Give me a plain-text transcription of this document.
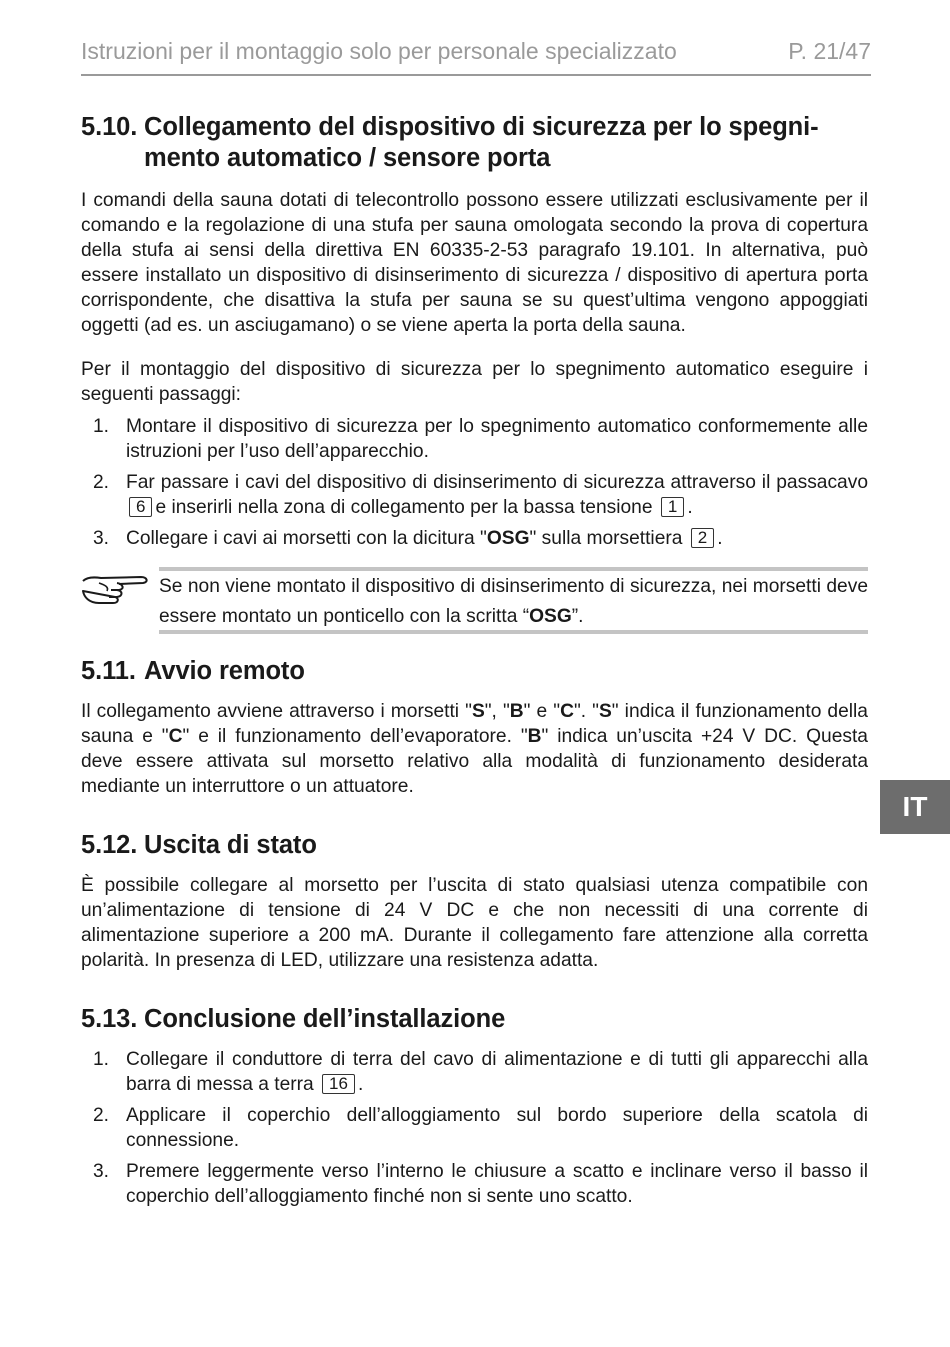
Istruzioni per il montaggio solo per personale specializzato	P. 21/47
5.10. Collegamento del dispositivo di sicurezza per lo spegnimento automatico / sensore porta

I comandi della sauna dotati di telecontrollo possono essere utilizzati esclusivamente per il comando e la regolazione di una stufa per sauna omologata secondo la prova di copertura della stufa ai sensi della direttiva EN 60335-2-53 paragrafo 19.101. In alternativa, può essere installato un dispositivo di disinserimento di sicurezza / dispositivo di apertura porta corrispondente, che disattiva la stufa per sauna se su quest’ultima vengono appoggiati oggetti (ad es. un asciugamano) o se viene aperta la porta della sauna.

Per il montaggio del dispositivo di sicurezza per lo spegnimento automatico eseguire i seguenti passaggi:

1. Montare il dispositivo di sicurezza per lo spegnimento automatico conformemente alle istruzioni per l’uso dell’apparecchio.
2. Far passare i cavi del dispositivo di disinserimento di sicurezza attraverso il passacavo 6 e inserirli nella zona di collegamento per la bassa tensione 1 .
3. Collegare i cavi ai morsetti con la dicitura "OSG" sulla morsettiera 2 .
Se non viene montato il dispositivo di disinserimento di sicurezza, nei morsetti deve essere montato un ponticello con la scritta “OSG”.
5.11. Avvio remoto

Il collegamento avviene attraverso i morsetti "S", "B" e "C". "S" indica il funzionamento della sauna e "C" e il funzionamento dell’evaporatore. "B" indica un’uscita +24 V DC. Questa deve essere attivata sul morsetto relativo alla modalità di funzionamento desiderata mediante un interruttore o un attuatore.

5.12. Uscita di stato

È possibile collegare al morsetto per l’uscita di stato qualsiasi utenza compatibile con un’alimentazione di tensione di 24 V DC e che non necessiti di una corrente di alimentazione superiore a 200 mA. Durante il collegamento fare attenzione alla corretta polarità. In presenza di LED, utilizzare una resistenza adatta.

5.13. Conclusione dell’installazione
1. Collegare il conduttore di terra del cavo di alimentazione e di tutti gli apparecchi alla barra di messa a terra 16 .
2. Applicare il coperchio dell’alloggiamento sul bordo superiore della scatola di connessione.
3. Premere leggermente verso l’interno le chiusure a scatto e inclinare verso il basso il coperchio dell’alloggiamento finché non si sente uno scatto.
IT
